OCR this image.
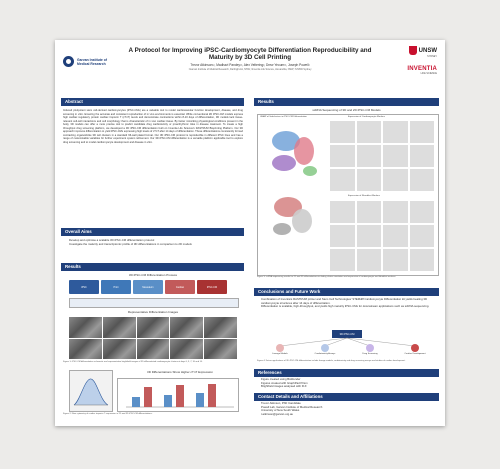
Garvan Institute of Medical Research
A Protocol for Improving iPSC-Cardiomyocyte Differentiation Reproducibility and Maturity by 3D Cell Printing
Trevor Atkinson¹², Madhavi Pandey¹², Alex Veltering², Drew Yeoum¹², Joseph Powell¹
¹Garvan Institute of Medical Research, Darlinghurst, NSW; ²Inventia Life Science, Alexandria, NSW; ³UNSW Sydney
UNSW
SYDNEY
INVENTIA
LIFE SCIENCE
Abstract

Induced pluripotent stem cell-derived cardiomyocytes (iPSC-CMs) are a valuable tool to model cardiovascular function development, disease, and drug screening in vitro. Ensuring the accurate and consistent reproduction of in vivo environments is essential. While conventional 2D iPSC-CM models express high cardiac regulatory protein cardiac troponin T (cTnT) levels and demonstrate contractions within 8-10 days of differentiation, 3D models lack tissue-relevant cell-cell interactions and cell morphology that is characteristic of in vivo cardiac tissue. By better mimicking physiological conditions present in the body, 3D models can offer a more precise tool to predict candidate drug cardiotoxicity or proarrhythmic risks in disease treatment. To create a high throughput drug screening platform, we developed a 3D iPSC-CM differentiation built on Inventia Life Science's RASTRUM Bioprinting Platform. Our 3D approach improves differentiation to yield iPSC-CMs expressing high levels of cTnT after 14 days of differentiation. These differentiations consistently formed contracting organoid-like 3D cell clusters in a standard 96-well plated format. Our 3D iPSC-CM protocol is reproducible in different iPSC lines and has a range of customisable variables for further experiment system refinement. Our 3D iPSC-CM differentiation is a versatile platform applicable tool to explore drug screening and to model cardiomyocyte development and disease in vitro.

Overall Aims
• Develop and optimise a scalable 3D iPSC-CM differentiation protocol
• Investigate the maturity and transcriptomic profile of 3D differentiations in comparison to 2D models
Results
3D iPSC-CM Differentiation Process
iPSC	Print	Mesoderm	Cardiac	iPSC-CM
Representative Differentiation Images
Figure 1: iPSC-CM differentiation schematic and representative brightfield images of 3D differentiated cardiomyocyte clusters at days 0, 3, 7, 10 and 14.
3D Differentiations Show Higher cTnT Expression
Figure 2: Flow cytometry of cardiac troponin T expression in 2D and 3D iPSC-CM differentiations.
Results
scRNA Sequencing of 3D and 2D iPSC-CM Models
UMAP of Subclusters in iPSC-CM Differentiation	Expression of Cardiomyocyte Markers
Expression of Fibroblast Markers
Figure 3: scRNA sequencing results for 2D and 3D differentiations including cluster annotation and expression of cardiomyocyte and fibroblast markers.
Conclusions and Future Work
• Combination of Inventia's RASTRUM printer and Stem Cell Technologies' STEMdiff Cardiomyocyte Differentiation kit yields beating 3D cardiomyocyte structures after 14 days of differentiation.
• Differentiation is scalable, high-throughput, and yields high maturity iPSC-CMs for downstream applications such as scRNA sequencing.
3D iPSC-CM
Lineage Models	Cardiotoxicity Assays	Drug Screening	Cardiac Development
Figure 4: Future applications of 3D iPSC-CM differentiation include lineage models, cardiotoxicity and drug screening assays and studies of cardiac development.
References
• Figure created using BioRender
• Figures created with GraphPad Prism
• Brightfield images analysed with FIJI
Contact Details and Affiliations
• Trevor Atkinson, PhD Candidate
• Powell Lab, Garvan Institute of Medical Research
• University of New South Wales
• t.atkinson@garvan.org.au
